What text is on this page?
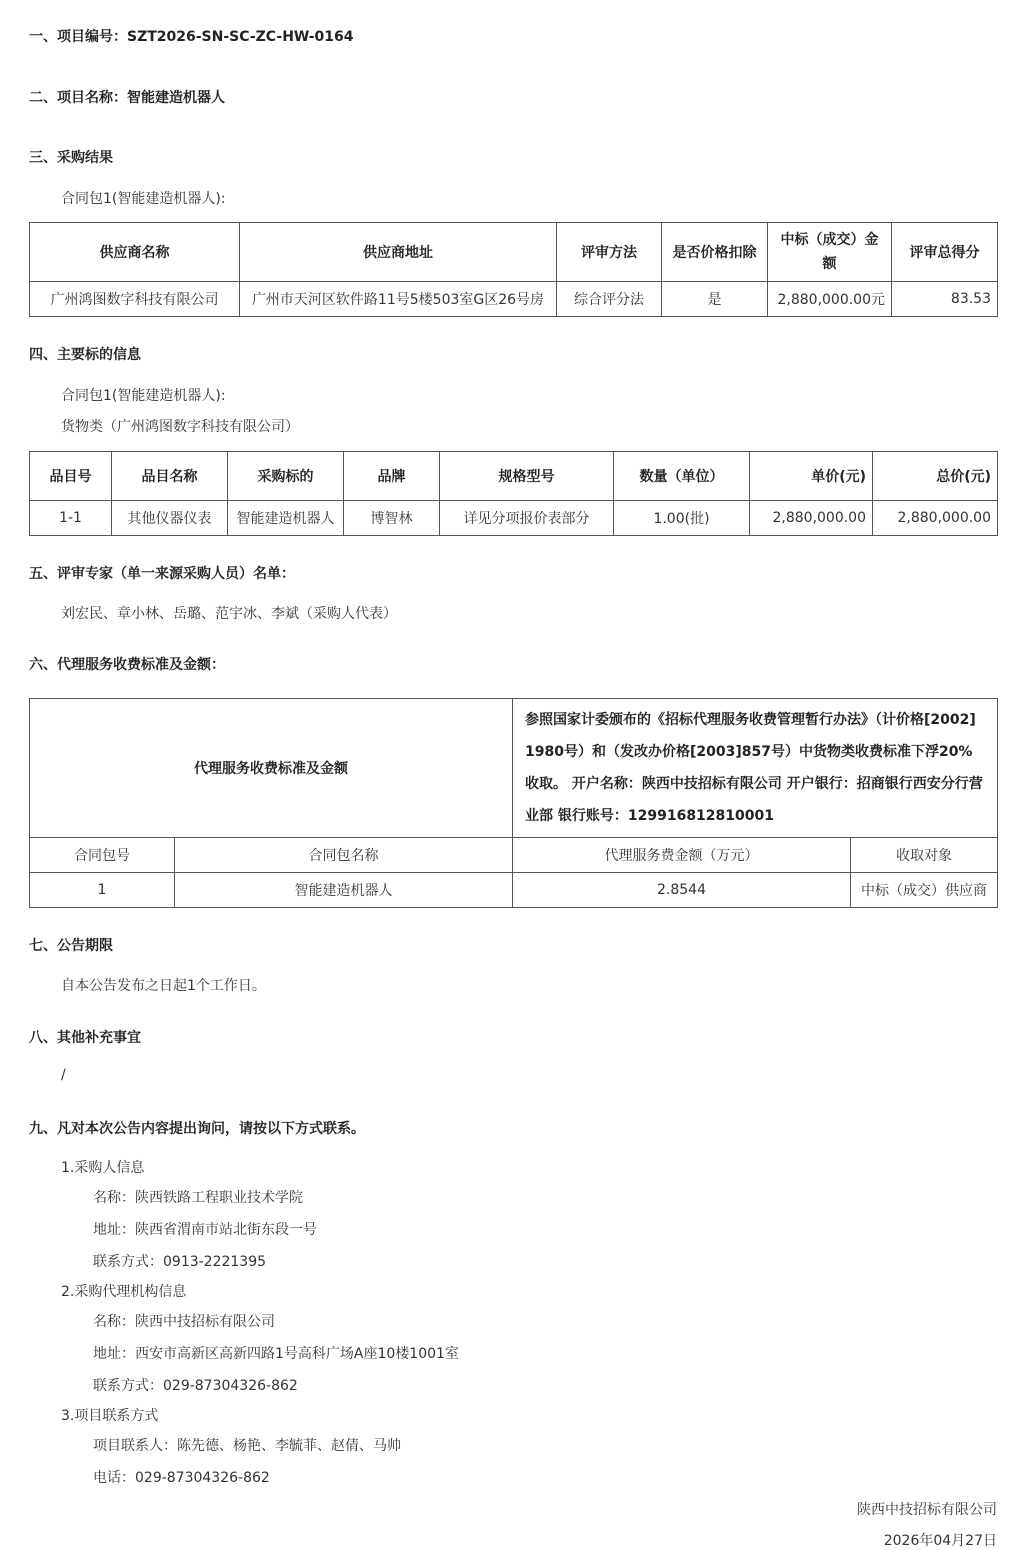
一、项目编号：SZT2026-SN-SC-ZC-HW-0164
二、项目名称：智能建造机器人
三、采购结果
合同包1(智能建造机器人):
供应商名称	供应商地址	评审方法	是否价格扣除	中标（成交）金额	评审总得分
广州鸿图数字科技有限公司	广州市天河区软件路11号5楼503室G区26号房	综合评分法	是	2,880,000.00元	83.53
四、主要标的信息
合同包1(智能建造机器人):
货物类（广州鸿图数字科技有限公司）
品目号	品目名称	采购标的	品牌	规格型号	数量（单位）	单价(元)	总价(元)
1-1	其他仪器仪表	智能建造机器人	博智林	详见分项报价表部分	1.00(批)	2,880,000.00	2,880,000.00
五、评审专家（单一来源采购人员）名单：
刘宏民、章小林、岳璐、范宇冰、李斌（采购人代表）
六、代理服务收费标准及金额：
代理服务收费标准及金额		参照国家计委颁布的《招标代理服务收费管理暂行办法》（计价格[2002]1980号）和（发改办价格[2003]857号）中货物类收费标准下浮20%收取。 开户名称：陕西中技招标有限公司 开户银行：招商银行西安分行营业部 银行账号：129916812810001	
合同包号	合同包名称	代理服务费金额（万元）	收取对象
1	智能建造机器人	2.8544	中标（成交）供应商
七、公告期限
自本公告发布之日起1个工作日。
八、其他补充事宜
/
九、凡对本次公告内容提出询问，请按以下方式联系。
1.采购人信息
名称：陕西铁路工程职业技术学院
地址：陕西省渭南市站北街东段一号
联系方式：0913-2221395
2.采购代理机构信息
名称：陕西中技招标有限公司
地址：西安市高新区高新四路1号高科广场A座10楼1001室
联系方式：029-87304326-862
3.项目联系方式
项目联系人：陈先德、杨艳、李毓菲、赵倩、马帅
电话：029-87304326-862
陕西中技招标有限公司
2026年04月27日
